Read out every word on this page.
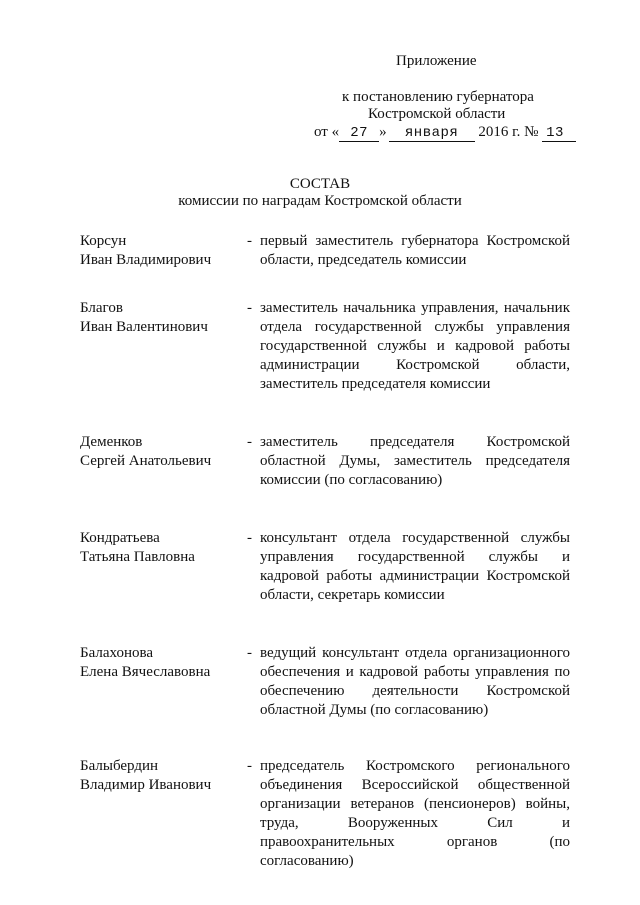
Приложение
к постановлению губернатора
Костромской области
от « 27 » января 2016 г. № 13
СОСТАВ
комиссии по наградам Костромской области
Корсун
Иван Владимирович
- первый заместитель губернатора Костромской области, председатель комиссии
Благов
Иван Валентинович
- заместитель начальника управления, начальник отдела государственной службы управления государственной службы и кадровой работы администрации Костромской области, заместитель председателя комиссии
Деменков
Сергей Анатольевич
- заместитель председателя Костромской областной Думы, заместитель председателя комиссии (по согласованию)
Кондратьева
Татьяна Павловна
- консультант отдела государственной службы управления государственной службы и кадровой работы администрации Костромской области, секретарь комиссии
Балахонова
Елена Вячеславовна
- ведущий консультант отдела организационного обеспечения и кадровой работы управления по обеспечению деятельности Костромской областной Думы (по согласованию)
Балыбердин
Владимир Иванович
- председатель Костромского регионального объединения Всероссийской общественной организации ветеранов (пенсионеров) войны, труда, Вооруженных Сил и правоохранительных органов (по согласованию)
